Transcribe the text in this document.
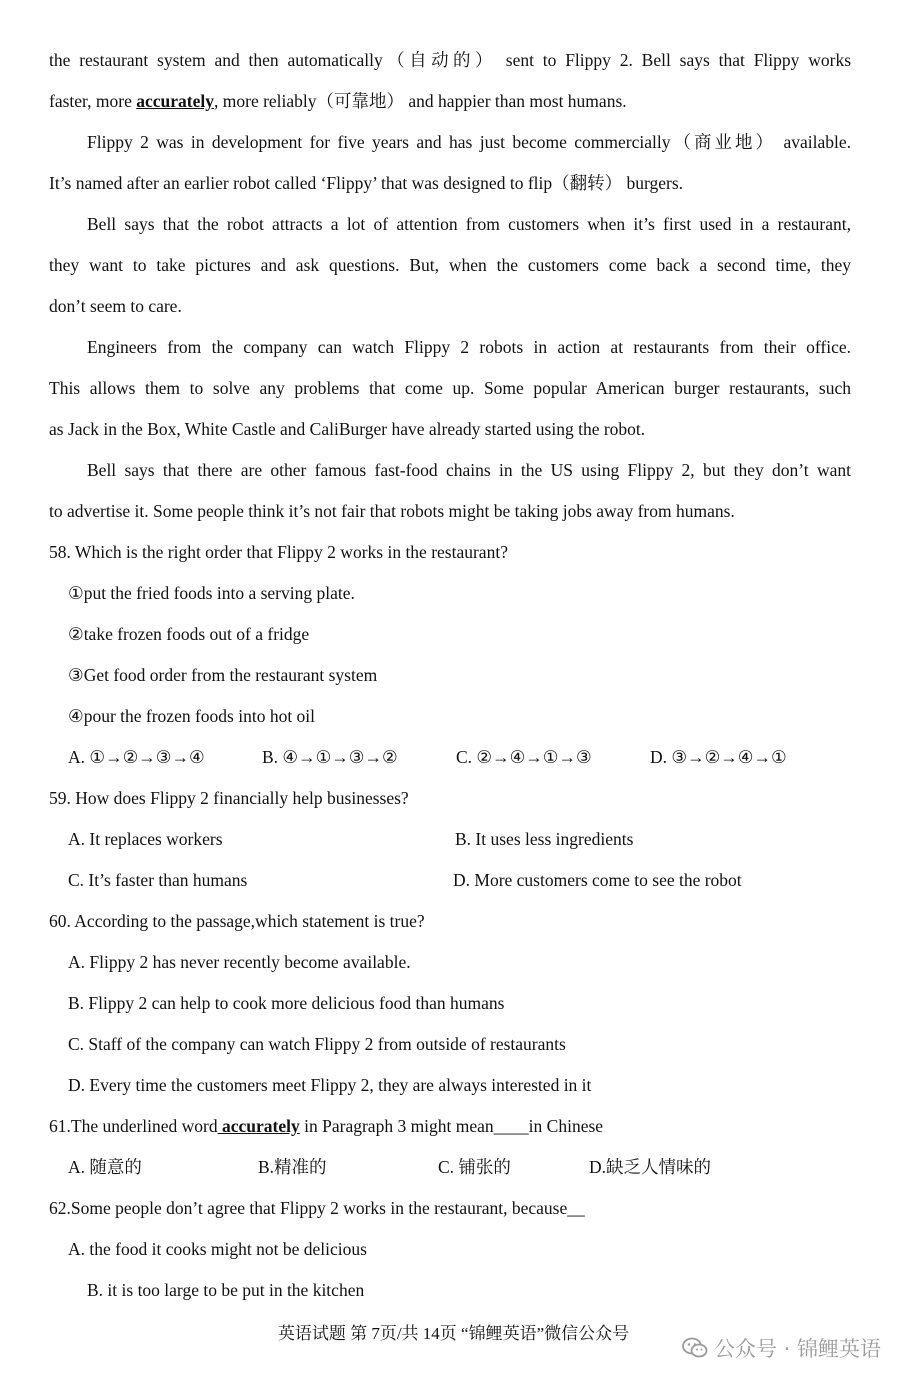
the restaurant system and then automatically（自动的） sent to Flippy 2. Bell says that Flippy works
faster, more accurately, more reliably（可靠地） and happier than most humans.
Flippy 2 was in development for five years and has just become commercially（商业地） available.
It’s named after an earlier robot called ‘Flippy’ that was designed to flip（翻转） burgers.
Bell says that the robot attracts a lot of attention from customers when it’s first used in a restaurant,
they want to take pictures and ask questions. But, when the customers come back a second time, they
don’t seem to care.
Engineers from the company can watch Flippy 2 robots in action at restaurants from their office.
This allows them to solve any problems that come up. Some popular American burger restaurants, such
as Jack in the Box, White Castle and CaliBurger have already started using the robot.
Bell says that there are other famous fast-food chains in the US using Flippy 2, but they don’t want
to advertise it. Some people think it’s not fair that robots might be taking jobs away from humans.
58. Which is the right order that Flippy 2 works in the restaurant?
①put the fried foods into a serving plate.
②take frozen foods out of a fridge
③Get food order from the restaurant system
④pour the frozen foods into hot oil
A. ①→②→③→④	B. ④→①→③→②	C. ②→④→①→③	D. ③→②→④→①
59. How does Flippy 2 financially help businesses?
A. It replaces workers	B. It uses less ingredients
C. It’s faster than humans	D. More customers come to see the robot
60. According to the passage,which statement is true?
A. Flippy 2 has never recently become available.
B. Flippy 2 can help to cook more delicious food than humans
C. Staff of the company can watch Flippy 2 from outside of restaurants
D. Every time the customers meet Flippy 2, they are always interested in it
61.The underlined word accurately in Paragraph 3 might mean____in Chinese
A. 随意的	B.精准的	C. 铺张的	D.缺乏人情味的
62.Some people don’t agree that Flippy 2 works in the restaurant, because__
A. the food it cooks might not be delicious
B. it is too large to be put in the kitchen
英语试题 第 7页/共 14页 “锦鲤英语”微信公众号
公众号 · 锦鲤英语
